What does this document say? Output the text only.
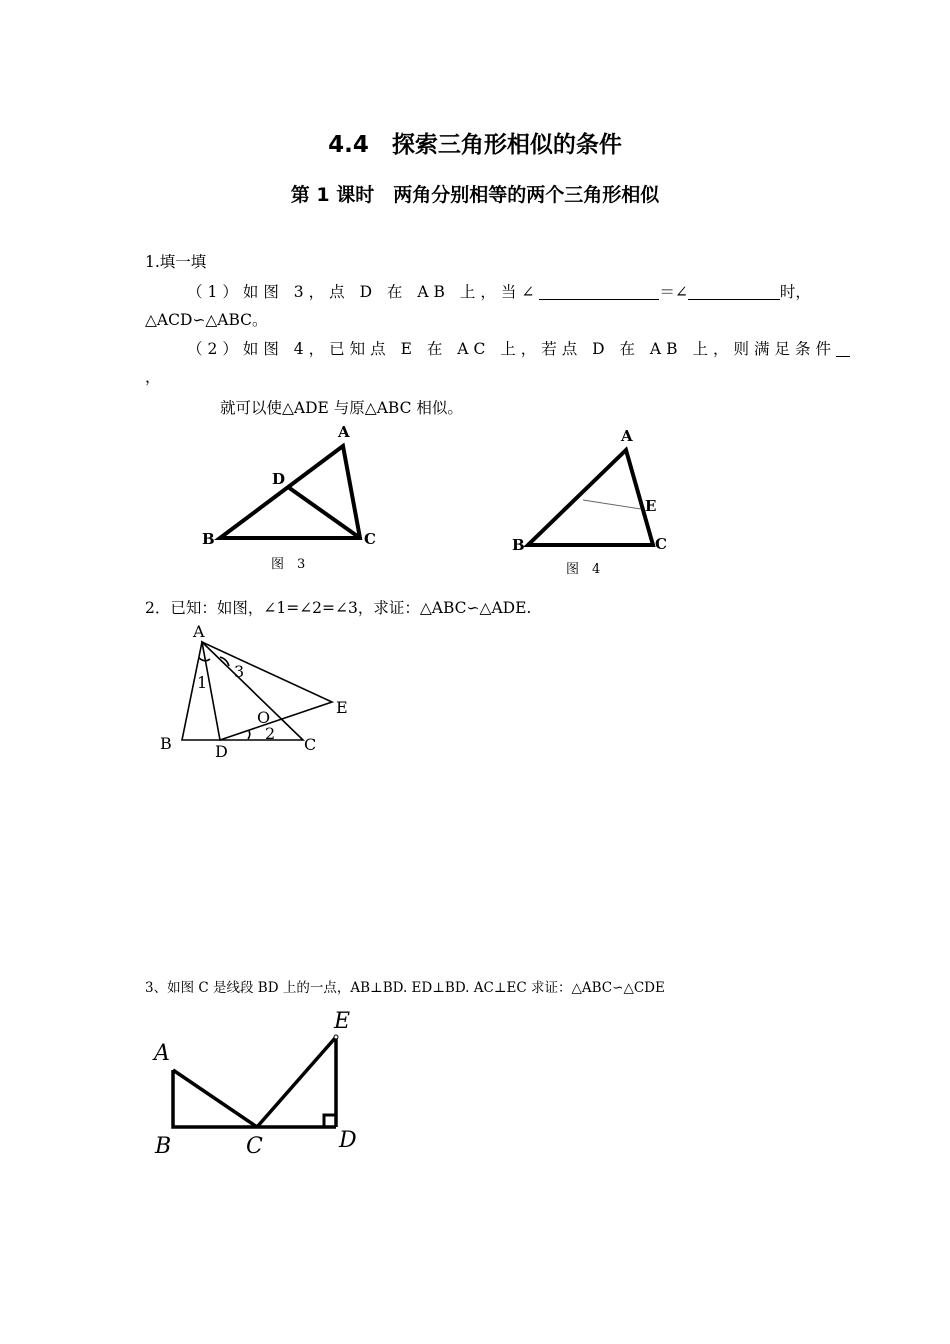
4.4　探索三角形相似的条件
第 1 课时　两角分别相等的两个三角形相似
1.填一填
（1）如图 3，点 D 在 AB 上，当∠	＝∠	时，
△ACD∽△ABC。
（2）如图 4，已知点 E 在 AC 上，若点 D 在 AB 上，则满足条件
，
就可以使△ADE 与原△ABC 相似。
A
D
B	C
图　3
A
E
B	C
图　4
2．已知：如图，∠1=∠2=∠3，求证：△ABC∽△ADE.
A
B	D	C
E
O
1
2
3
3、如图 C 是线段 BD 上的一点，AB⊥BD. ED⊥BD. AC⊥EC 求证：△ABC∽△CDE
A
B	C	D
E
